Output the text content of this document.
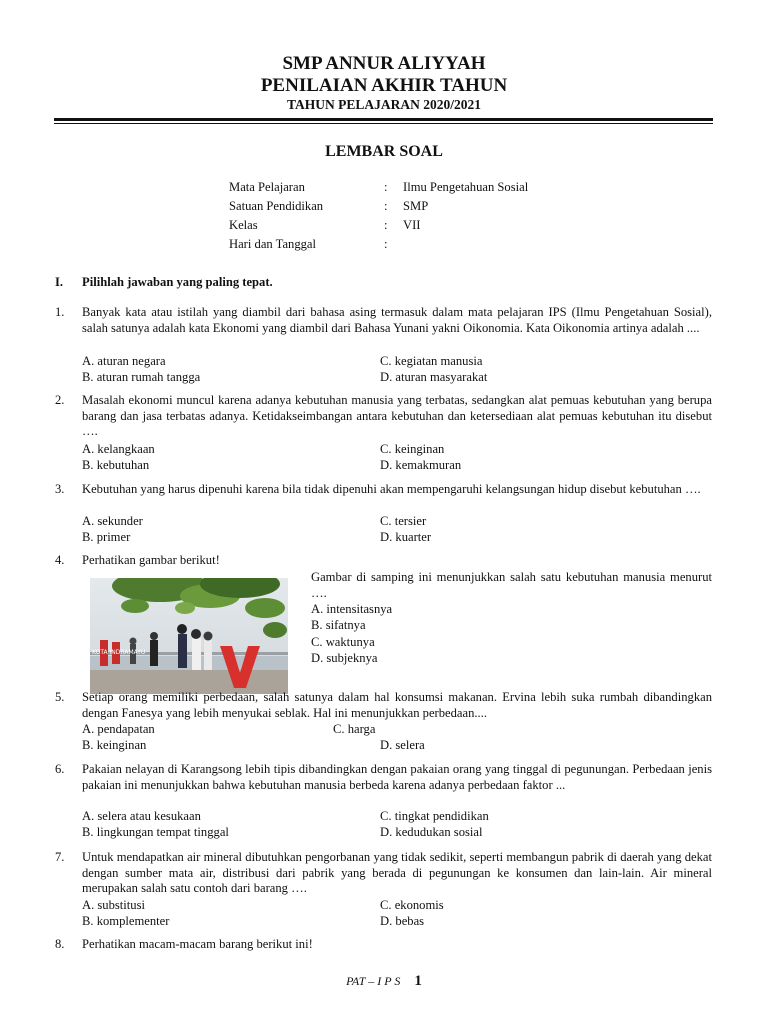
SMP ANNUR ALIYYAH
PENILAIAN AKHIR TAHUN
TAHUN PELAJARAN 2020/2021
LEMBAR SOAL
Mata Pelajaran	: Ilmu Pengetahuan Sosial
Satuan Pendidikan	: SMP
Kelas	: VII
Hari dan Tanggal	:
I. Pilihlah jawaban yang paling tepat.
1. Banyak kata atau istilah yang diambil dari bahasa asing termasuk dalam mata pelajaran IPS (Ilmu Pengetahuan Sosial), salah satunya adalah kata Ekonomi yang diambil dari Bahasa Yunani yakni Oikonomia. Kata Oikonomia artinya adalah ....
A. aturan negara	C. kegiatan manusia
B. aturan rumah tangga	D. aturan masyarakat
2. Masalah ekonomi muncul karena adanya kebutuhan manusia yang terbatas, sedangkan alat pemuas kebutuhan yang berupa barang dan jasa terbatas adanya. Ketidakseimbangan antara kebutuhan dan ketersediaan alat pemuas kebutuhan itu disebut ….
A. kelangkaan	C. keinginan
B. kebutuhan	D. kemakmuran
3. Kebutuhan yang harus dipenuhi karena bila tidak dipenuhi akan mempengaruhi kelangsungan hidup disebut kebutuhan ….
A. sekunder	C. tersier
B. primer	D. kuarter
4. Perhatikan gambar berikut!
KOTA INDRAMAYU
Gambar di samping ini menunjukkan salah satu kebutuhan manusia menurut ….
A. intensitasnya
B. sifatnya
C. waktunya
D. subjeknya
5. Setiap orang memiliki perbedaan, salah satunya dalam hal konsumsi makanan. Ervina lebih suka rumbah dibandingkan dengan Fanesya yang lebih menyukai seblak. Hal ini menunjukkan perbedaan....
A. pendapatan	C. harga
B. keinginan	D. selera
6. Pakaian nelayan di Karangsong lebih tipis dibandingkan dengan pakaian orang yang tinggal di pegunungan. Perbedaan jenis pakaian ini menunjukkan bahwa kebutuhan manusia berbeda karena adanya perbedaan faktor ...
A. selera atau kesukaan	C. tingkat pendidikan
B. lingkungan tempat tinggal	D. kedudukan sosial
7. Untuk mendapatkan air mineral dibutuhkan pengorbanan yang tidak sedikit, seperti membangun pabrik di daerah yang dekat dengan sumber mata air, distribusi dari pabrik yang berada di pegunungan ke konsumen dan lain-lain. Air mineral merupakan salah satu contoh dari barang ….
A. substitusi	C. ekonomis
B. komplementer	D. bebas
8. Perhatikan macam-macam barang berikut ini!
PAT – I P S 1
